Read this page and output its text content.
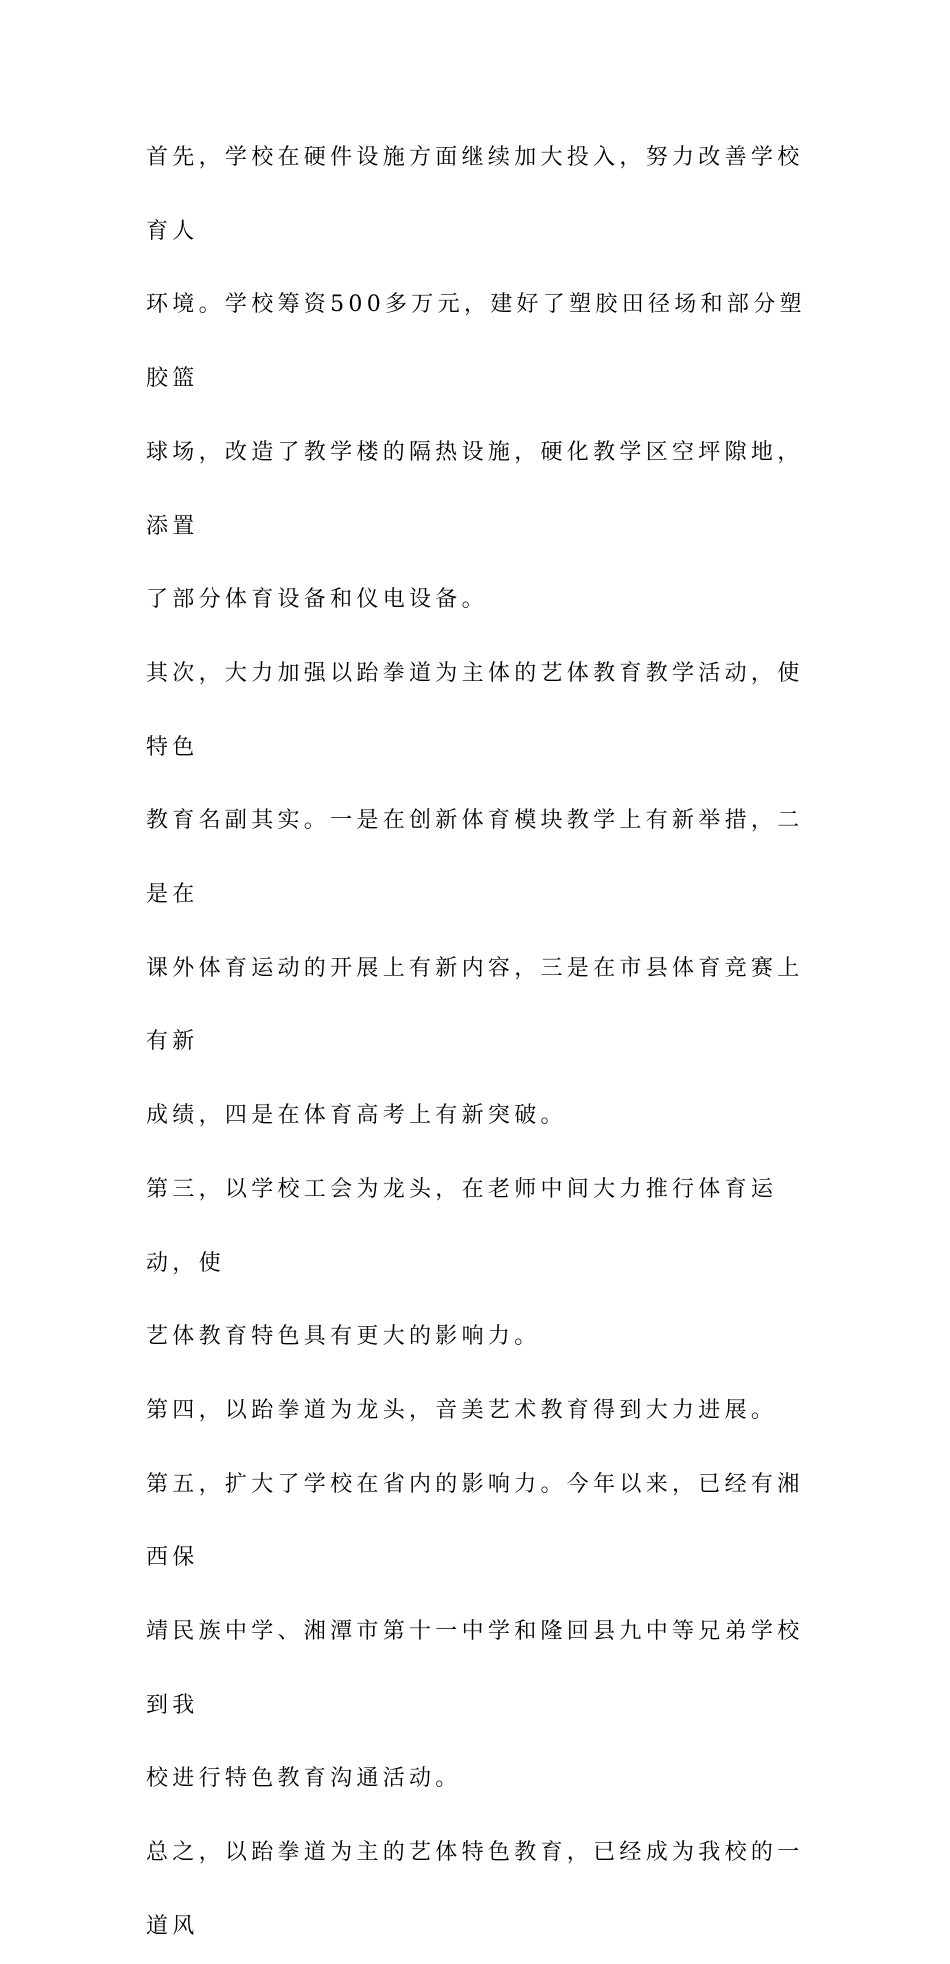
首先，学校在硬件设施方面继续加大投入，努力改善学校育人
环境。学校筹资500多万元，建好了塑胶田径场和部分塑胶篮
球场，改造了教学楼的隔热设施，硬化教学区空坪隙地，添置
了部分体育设备和仪电设备。

其次，大力加强以跆拳道为主体的艺体教育教学活动，使特色
教育名副其实。一是在创新体育模块教学上有新举措，二是在
课外体育运动的开展上有新内容，三是在市县体育竞赛上有新
成绩，四是在体育高考上有新突破。

第三，以学校工会为龙头，在老师中间大力推行体育运动，使
艺体教育特色具有更大的影响力。

第四，以跆拳道为龙头，音美艺术教育得到大力进展。

第五，扩大了学校在省内的影响力。今年以来，已经有湘西保
靖民族中学、湘潭市第十一中学和隆回县九中等兄弟学校到我
校进行特色教育沟通活动。

总之，以跆拳道为主的艺体特色教育，已经成为我校的一道风
